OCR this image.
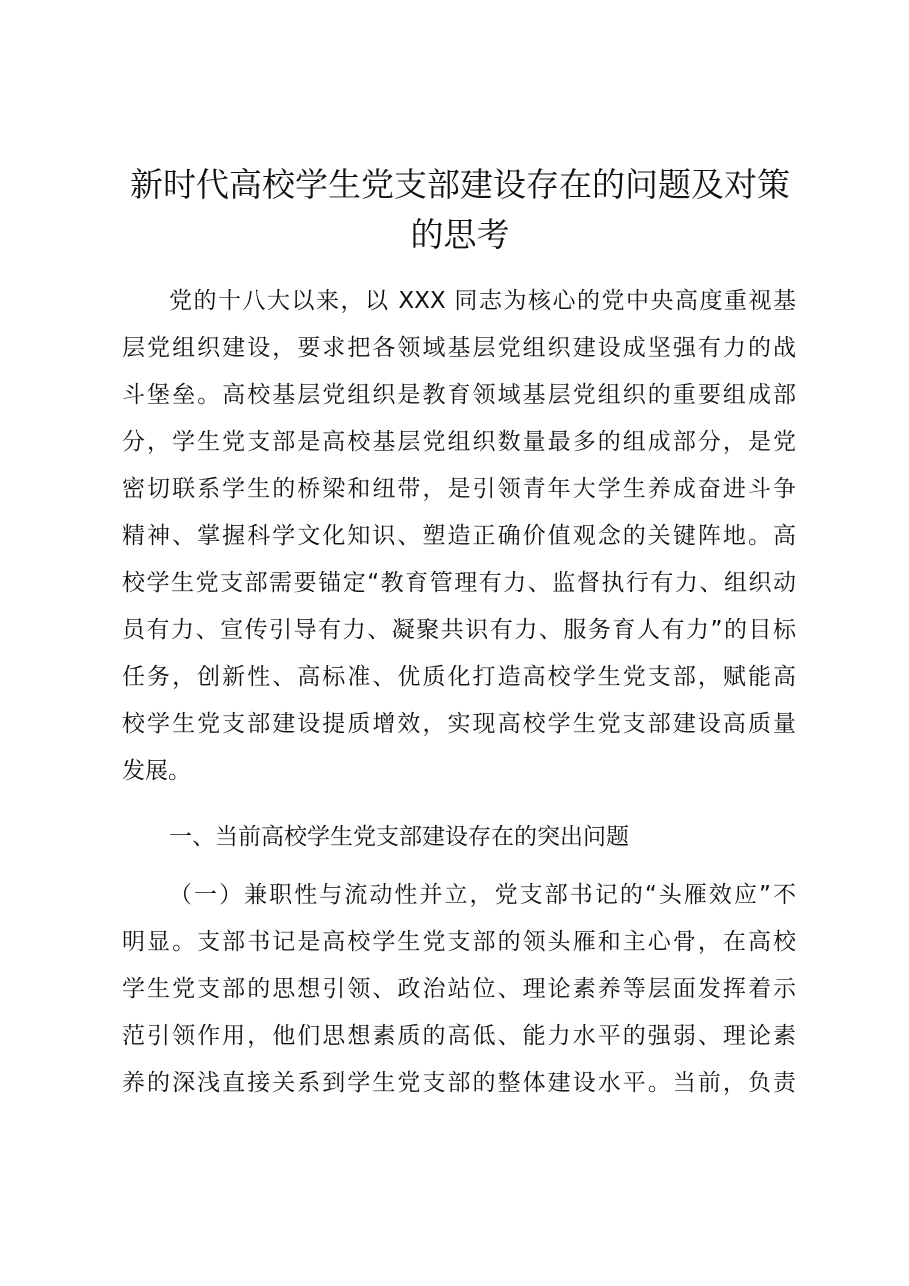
新时代高校学生党支部建设存在的问题及对策
的思考
党的十八大以来，以 XXX 同志为核心的党中央高度重视基
层党组织建设，要求把各领域基层党组织建设成坚强有力的战
斗堡垒。高校基层党组织是教育领域基层党组织的重要组成部
分，学生党支部是高校基层党组织数量最多的组成部分，是党
密切联系学生的桥梁和纽带，是引领青年大学生养成奋进斗争
精神、掌握科学文化知识、塑造正确价值观念的关键阵地。高
校学生党支部需要锚定“教育管理有力、监督执行有力、组织动
员有力、宣传引导有力、凝聚共识有力、服务育人有力”的目标
任务，创新性、高标准、优质化打造高校学生党支部，赋能高
校学生党支部建设提质增效，实现高校学生党支部建设高质量
发展。
一、当前高校学生党支部建设存在的突出问题
（一）兼职性与流动性并立，党支部书记的“头雁效应”不
明显。支部书记是高校学生党支部的领头雁和主心骨，在高校
学生党支部的思想引领、政治站位、理论素养等层面发挥着示
范引领作用，他们思想素质的高低、能力水平的强弱、理论素
养的深浅直接关系到学生党支部的整体建设水平。当前，负责
